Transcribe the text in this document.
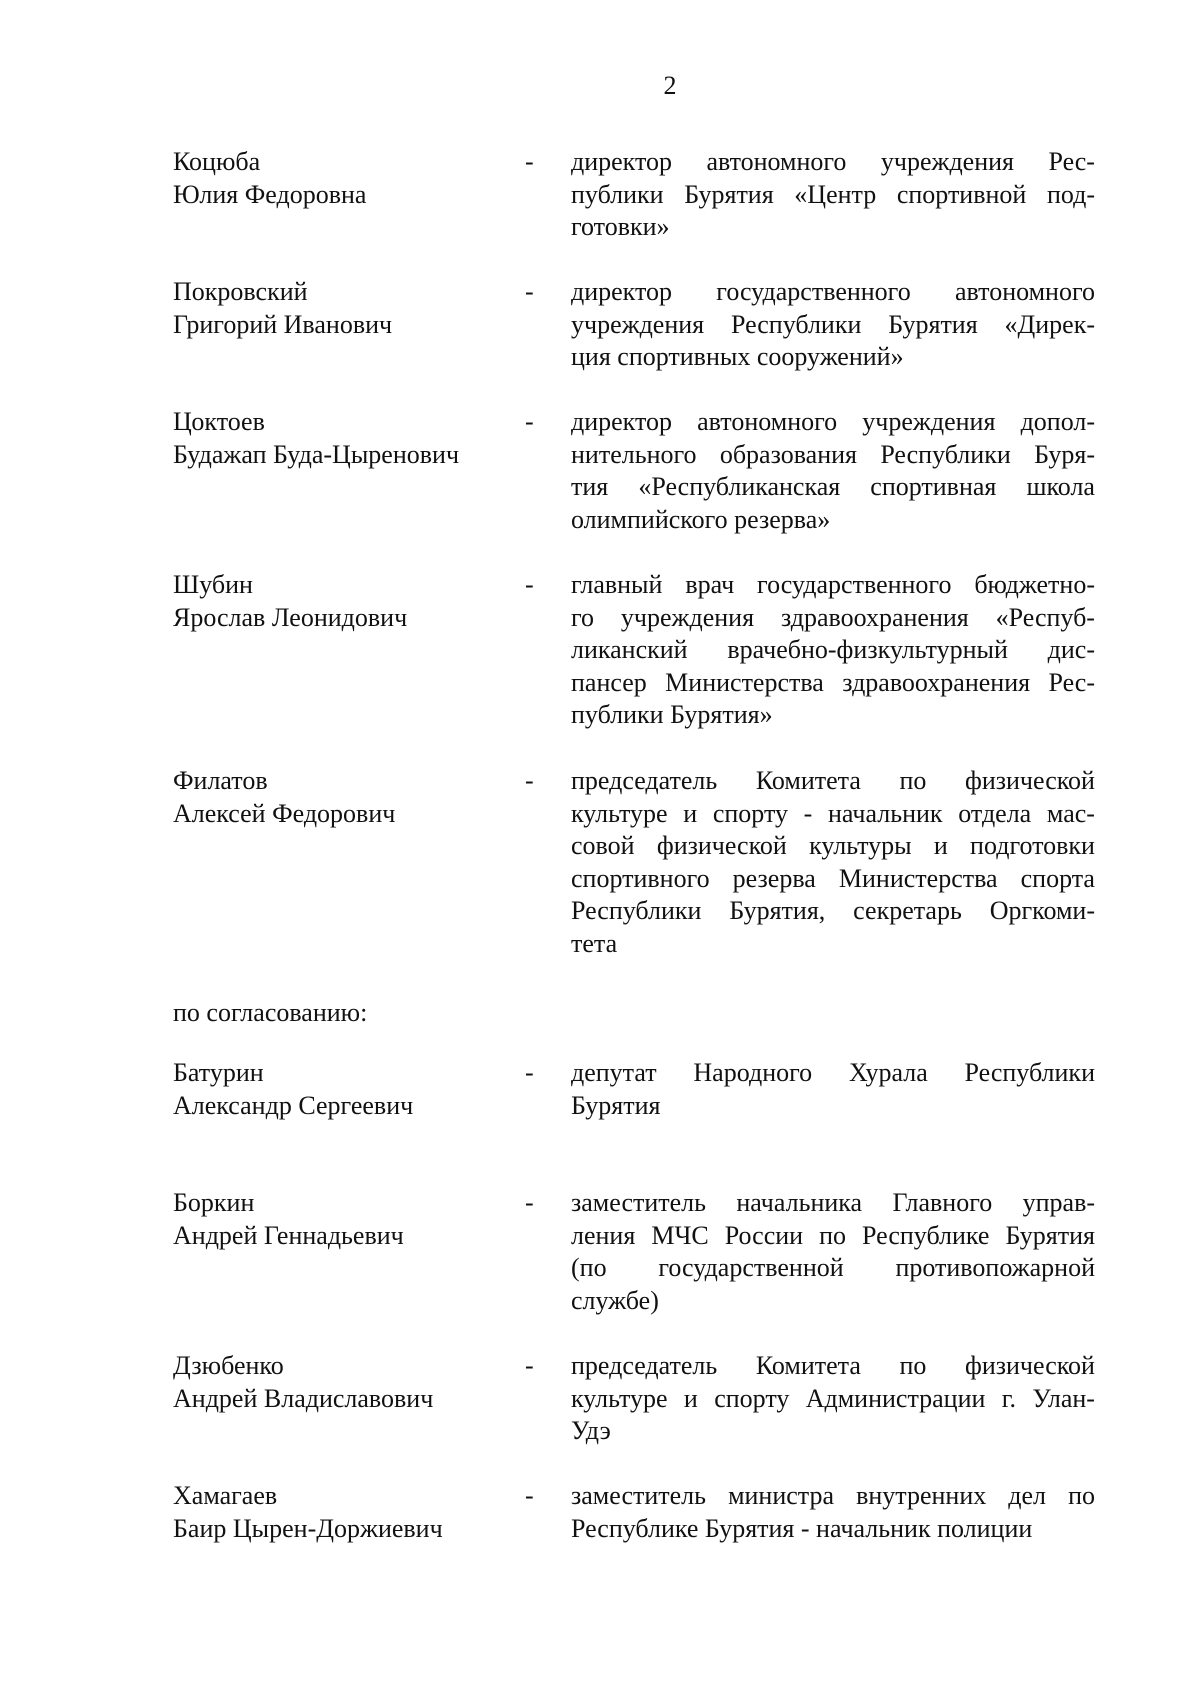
2
Коцюба
Юлия Федоровна
- директор автономного учреждения Рес-
публики Бурятия «Центр спортивной под-
готовки»
Покровский
Григорий Иванович
- директор государственного автономного
учреждения Республики Бурятия «Дирек-
ция спортивных сооружений»
Цоктоев
Будажап Буда-Цыренович
- директор автономного учреждения допол-
нительного образования Республики Буря-
тия «Республиканская спортивная школа
олимпийского резерва»
Шубин
Ярослав Леонидович
- главный врач государственного бюджетно-
го учреждения здравоохранения «Респуб-
ликанский врачебно-физкультурный дис-
пансер Министерства здравоохранения Рес-
публики Бурятия»
Филатов
Алексей Федорович
- председатель Комитета по физической
культуре и спорту - начальник отдела мас-
совой физической культуры и подготовки
спортивного резерва Министерства спорта
Республики Бурятия, секретарь Оргкоми-
тета
по согласованию:
Батурин
Александр Сергеевич
- депутат Народного Хурала Республики
Бурятия
Боркин
Андрей Геннадьевич
- заместитель начальника Главного управ-
ления МЧС России по Республике Бурятия
(по государственной противопожарной
службе)
Дзюбенко
Андрей Владиславович
- председатель Комитета по физической
культуре и спорту Администрации г. Улан-
Удэ
Хамагаев
Баир Цырен-Доржиевич
- заместитель министра внутренних дел по
Республике Бурятия - начальник полиции
